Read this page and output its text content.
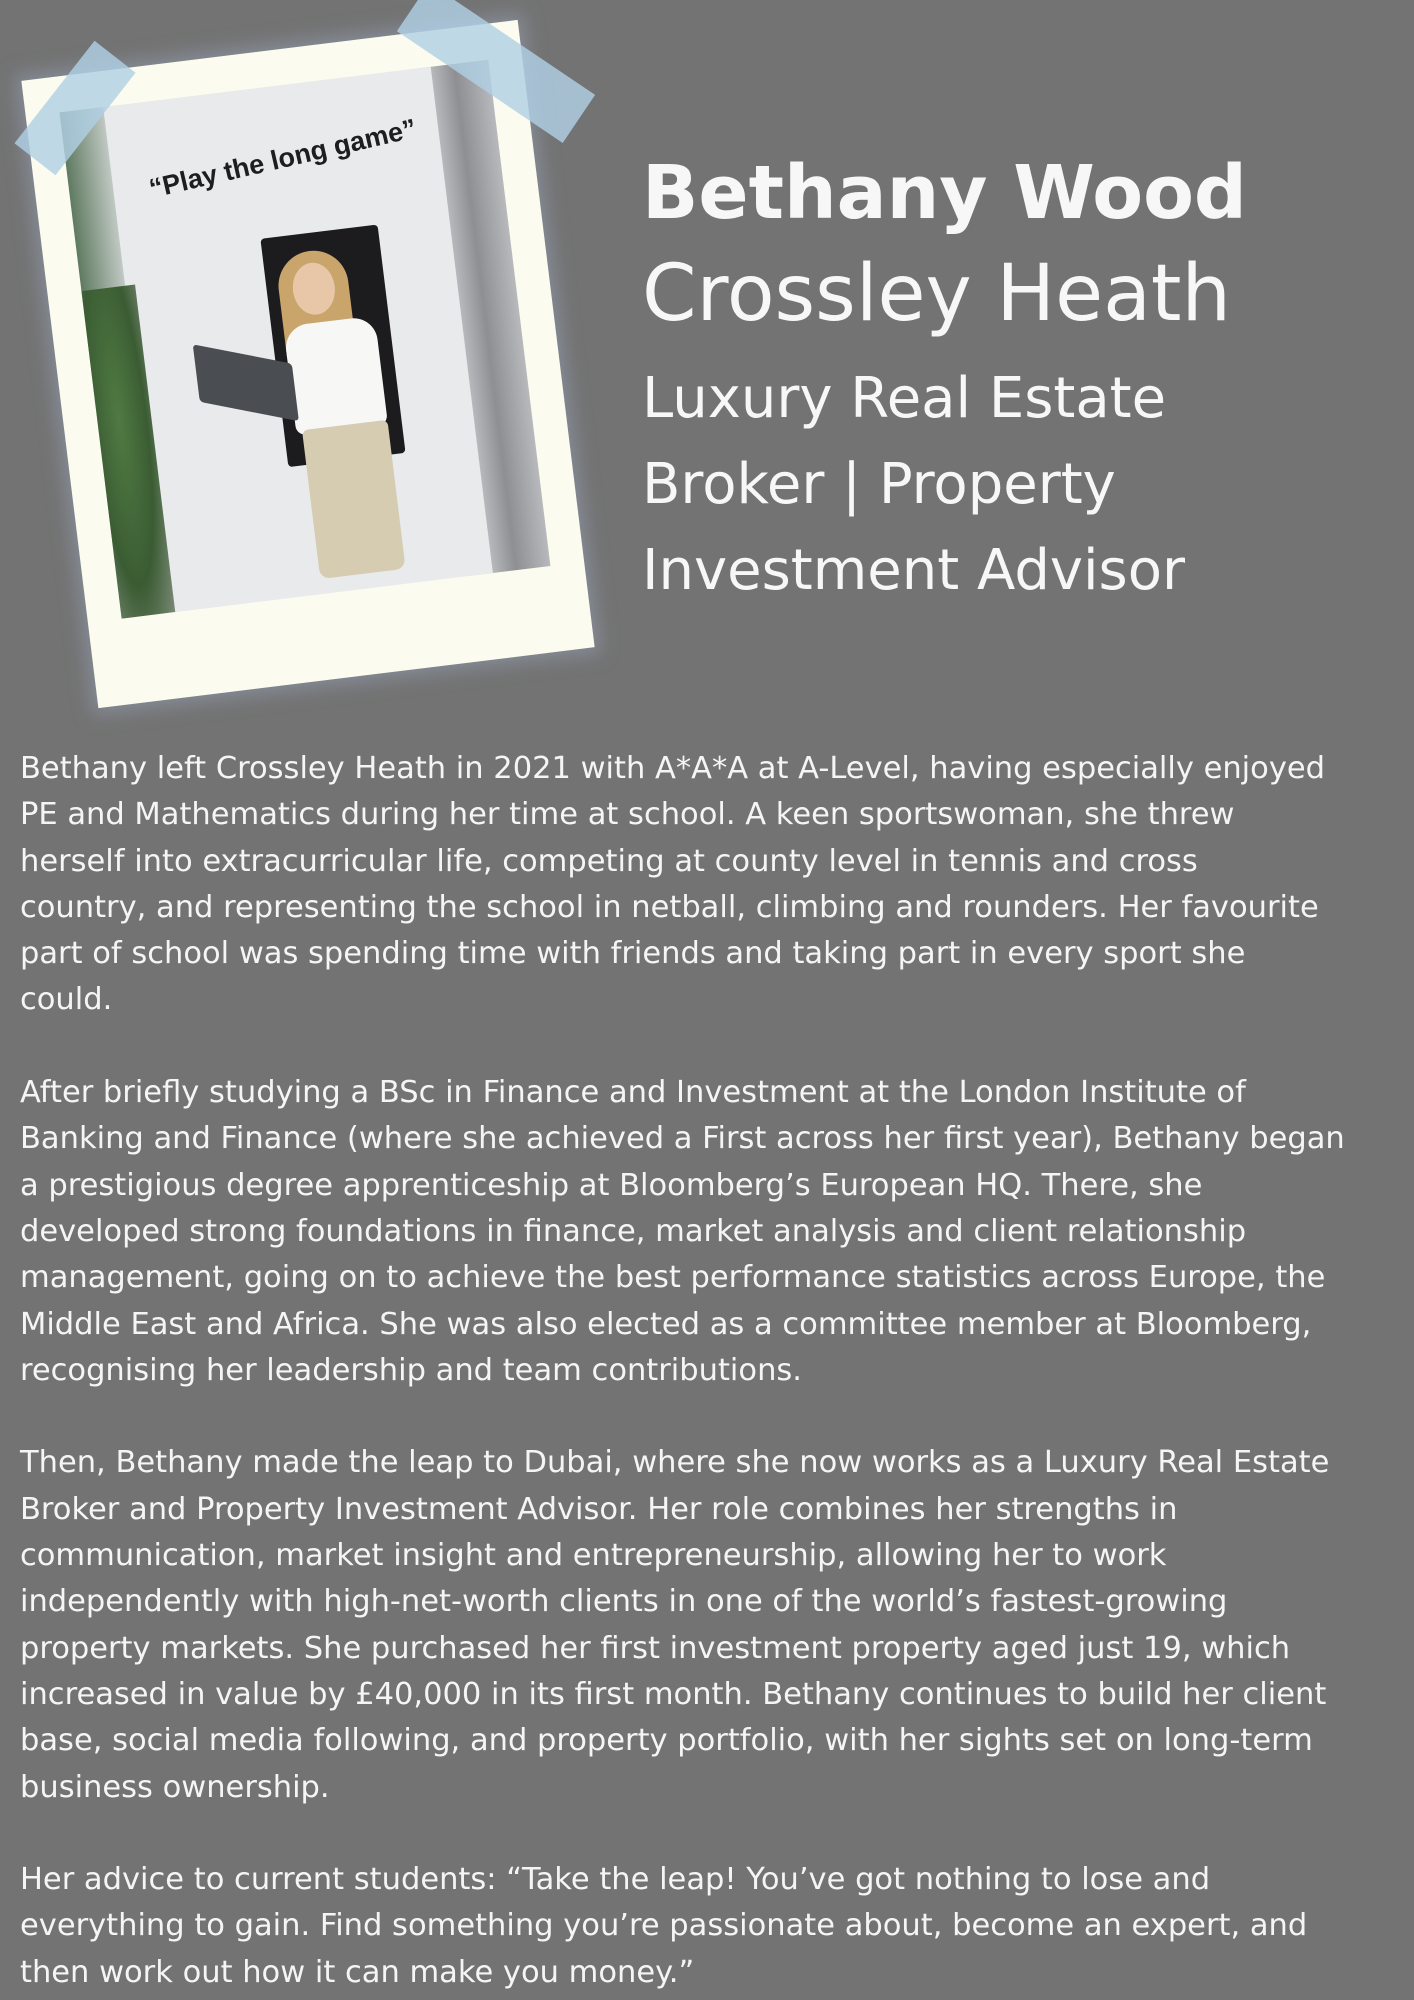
“Play the long game”	Bethany Wood
Crossley Heath
Luxury Real Estate Broker | Property Investment Advisor

Bethany left Crossley Heath in 2021 with A*A*A at A-Level, having especially enjoyed
PE and Mathematics during her time at school. A keen sportswoman, she threw
herself into extracurricular life, competing at county level in tennis and cross
country, and representing the school in netball, climbing and rounders. Her favourite
part of school was spending time with friends and taking part in every sport she
could.

After briefly studying a BSc in Finance and Investment at the London Institute of
Banking and Finance (where she achieved a First across her first year), Bethany began
a prestigious degree apprenticeship at Bloomberg’s European HQ. There, she
developed strong foundations in finance, market analysis and client relationship
management, going on to achieve the best performance statistics across Europe, the
Middle East and Africa. She was also elected as a committee member at Bloomberg,
recognising her leadership and team contributions.

Then, Bethany made the leap to Dubai, where she now works as a Luxury Real Estate
Broker and Property Investment Advisor. Her role combines her strengths in
communication, market insight and entrepreneurship, allowing her to work
independently with high-net-worth clients in one of the world’s fastest-growing
property markets. She purchased her first investment property aged just 19, which
increased in value by £40,000 in its first month. Bethany continues to build her client
base, social media following, and property portfolio, with her sights set on long-term
business ownership.

Her advice to current students: “Take the leap! You’ve got nothing to lose and
everything to gain. Find something you’re passionate about, become an expert, and
then work out how it can make you money.”
